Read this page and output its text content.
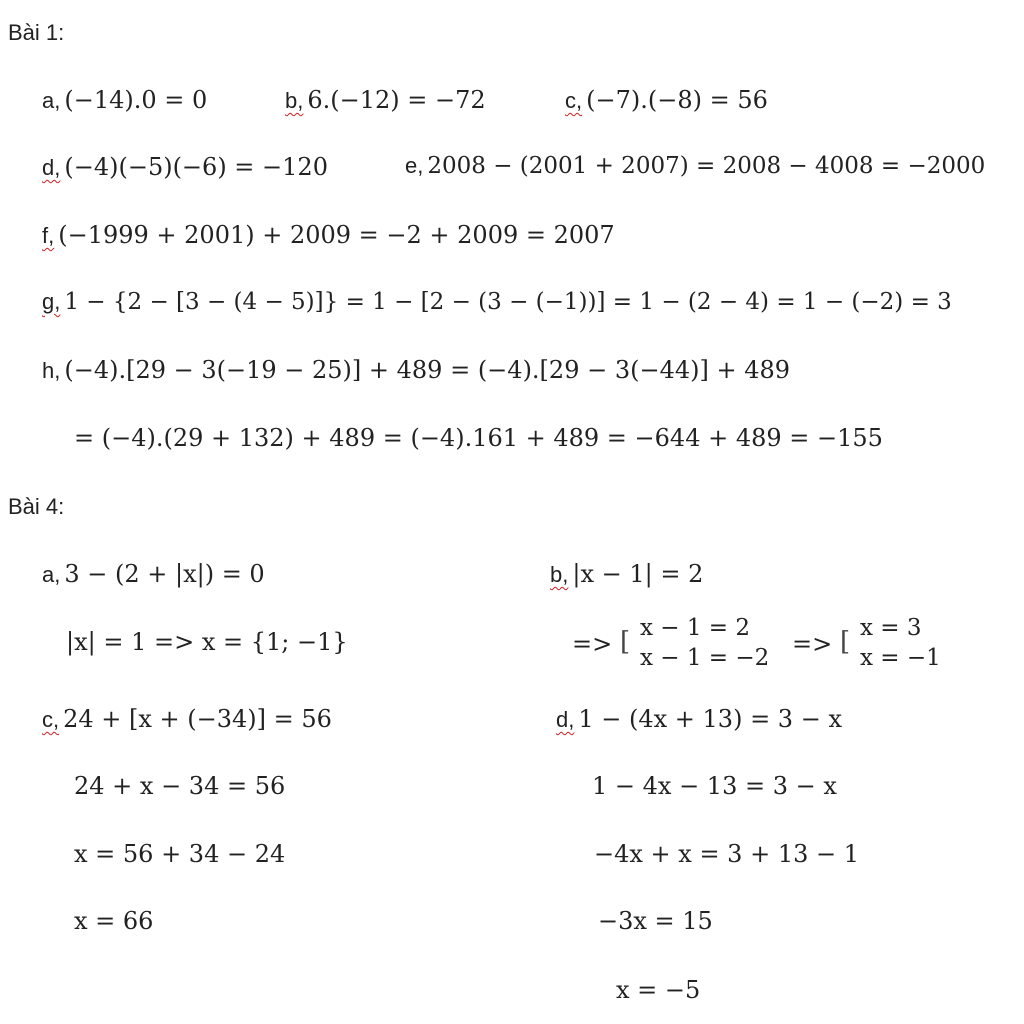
Bài 1:
a, (−14).0 = 0	b, 6.(−12) = −72	c, (−7).(−8) = 56
d, (−4)(−5)(−6) = −120	e, 2008 − (2001 + 2007) = 2008 − 4008 = −2000
f, (−1999 + 2001) + 2009 = −2 + 2009 = 2007
g, 1 − {2 − [3 − (4 − 5)]} = 1 − [2 − (3 − (−1))] = 1 − (2 − 4) = 1 − (−2) = 3
h, (−4).[29 − 3(−19 − 25)] + 489 = (−4).[29 − 3(−44)] + 489
= (−4).(29 + 132) + 489 = (−4).161 + 489 = −644 + 489 = −155
Bài 4:
a, 3 − (2 + |x|) = 0
|x| = 1 => x = {1; −1}
b, |x − 1| = 2
=> [ x − 1 = 2
x − 1 = −2 => [ x = 3
x = −1
c, 24 + [x + (−34)] = 56
24 + x − 34 = 56
x = 56 + 34 − 24
x = 66
d, 1 − (4x + 13) = 3 − x
1 − 4x − 13 = 3 − x
−4x + x = 3 + 13 − 1
−3x = 15
x = −5
